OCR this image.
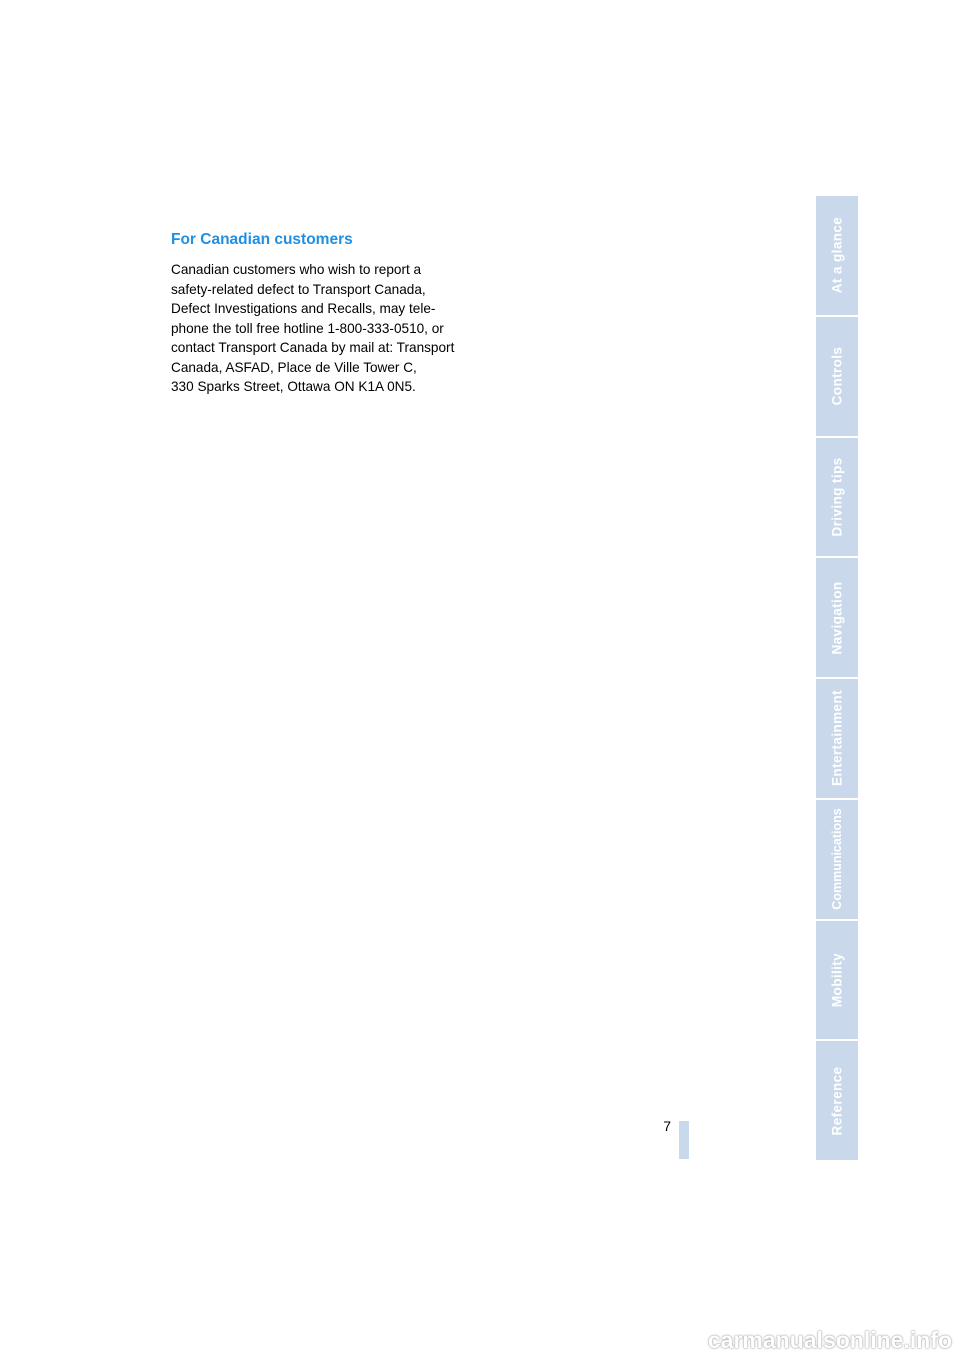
For Canadian customers

Canadian customers who wish to report a
safety-related defect to Transport Canada,
Defect Investigations and Recalls, may tele-
phone the toll free hotline 1-800-333-0510, or
contact Transport Canada by mail at: Transport
Canada, ASFAD, Place de Ville Tower C,
330 Sparks Street, Ottawa ON K1A 0N5.

7
At a glance
Controls
Driving tips
Navigation
Entertainment
Communications
Mobility
Reference
carmanualsonline.info
